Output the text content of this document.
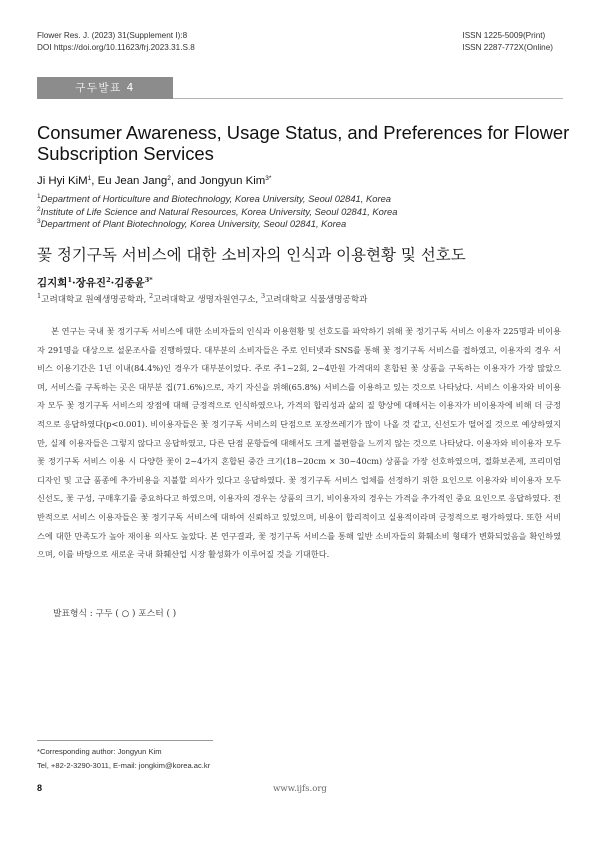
Flower Res. J. (2023) 31(Supplement I):8
DOI https://doi.org/10.11623/frj.2023.31.S.8
ISSN 1225-5009(Print)
ISSN 2287-772X(Online)
구두발표 4
Consumer Awareness, Usage Status, and Preferences for Flower Subscription Services
Ji Hyi KiM$^1$, Eu Jean Jang$^2$, and Jongyun Kim$^{3*}$
$^1$Department of Horticulture and Biotechnology, Korea University, Seoul 02841, Korea
$^2$Institute of Life Science and Natural Resources, Korea University, Seoul 02841, Korea
$^3$Department of Plant Biotechnology, Korea University, Seoul 02841, Korea
꽃 정기구독 서비스에 대한 소비자의 인식과 이용현황 및 선호도
김지희$^1$·장유진$^2$·김종윤$^{3*}$
$^1$고려대학교 원예생명공학과, $^2$고려대학교 생명자원연구소, $^3$고려대학교 식물생명공학과

본 연구는 국내 꽃 정기구독 서비스에 대한 소비자들의 인식과 이용현황 및 선호도를 파악하기 위해 꽃 정기구독 서비스 이용자 225명과 비이용자 291명을 대상으로 설문조사를 진행하였다. 대부분의 소비자들은 주로 인터넷과 SNS를 통해 꽃 정기구독 서비스를 접하였고, 이용자의 경우 서비스 이용기간은 1년 이내(84.4%)인 경우가 대부분이었다. 주로 주1~2회, 2~4만원 가격대의 혼합된 꽃 상품을 구독하는 이용자가 가장 많았으며, 서비스를 구독하는 곳은 대부분 집(71.6%)으로, 자기 자신을 위해(65.8%) 서비스를 이용하고 있는 것으로 나타났다. 서비스 이용자와 비이용자 모두 꽃 정기구독 서비스의 장점에 대해 긍정적으로 인식하였으나, 가격의 합리성과 삶의 질 향상에 대해서는 이용자가 비이용자에 비해 더 긍정적으로 응답하였다(p<0.001). 비이용자들은 꽃 정기구독 서비스의 단점으로 포장쓰레기가 많이 나올 것 같고, 신선도가 떨어질 것으로 예상하였지만, 실제 이용자들은 그렇지 않다고 응답하였고, 다른 단점 문항들에 대해서도 크게 불편함을 느끼지 않는 것으로 나타났다. 이용자와 비이용자 모두 꽃 정기구독 서비스 이용 시 다양한 꽃이 2~4가지 혼합된 중간 크기(18~20cm × 30~40cm) 상품을 가장 선호하였으며, 절화보존제, 프리미엄 디자인 및 고급 품종에 추가비용을 지불할 의사가 있다고 응답하였다. 꽃 정기구독 서비스 업체를 선정하기 위한 요인으로 이용자와 비이용자 모두 신선도, 꽃 구성, 구매후기를 중요하다고 하였으며, 이용자의 경우는 상품의 크기, 비이용자의 경우는 가격을 추가적인 중요 요인으로 응답하였다. 전반적으로 서비스 이용자들은 꽃 정기구독 서비스에 대하여 신뢰하고 있었으며, 비용이 합리적이고 실용적이라며 긍정적으로 평가하였다. 또한 서비스에 대한 만족도가 높아 재이용 의사도 높았다. 본 연구결과, 꽃 정기구독 서비스를 통해 일반 소비자들의 화훼소비 형태가 변화되었음을 확인하였으며, 이를 바탕으로 새로운 국내 화훼산업 시장 활성화가 이루어질 것을 기대한다.

발표형식 : 구두 ( ○ ) 포스터 ( )
*Corresponding author: Jongyun Kim
Tel, +82-2-3290-3011, E-mail: jongkim@korea.ac.kr
8	www.ijfs.org
